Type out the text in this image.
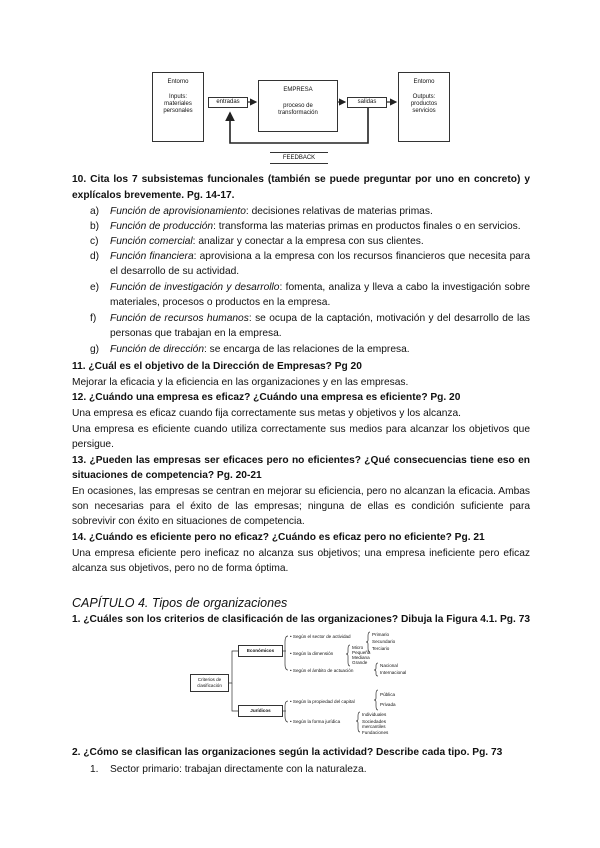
Entorno
Inputs:
materiales
personales
EMPRESA
proceso de
transformación
Entorno
Outputs:
productos
servicios
entradas	salidas
FEEDBACK
10. Cita los 7 subsistemas funcionales (también se puede preguntar por uno en concreto) y explícalos brevemente. Pg. 14-17.
a)	Función de aprovisionamiento: decisiones relativas de materias primas.
b)	Función de producción: transforma las materias primas en productos finales o en servicios.
c)	Función comercial: analizar y conectar a la empresa con sus clientes.
d)	Función financiera: aprovisiona a la empresa con los recursos financieros que necesita para el desarrollo de su actividad.
e)	Función de investigación y desarrollo: fomenta, analiza y lleva a cabo la investigación sobre materiales, procesos o productos en la empresa.
f)	Función de recursos humanos: se ocupa de la captación, motivación y del desarrollo de las personas que trabajan en la empresa.
g)	Función de dirección: se encarga de las relaciones de la empresa.
11. ¿Cuál es el objetivo de la Dirección de Empresas? Pg 20
Mejorar la eficacia y la eficiencia en las organizaciones y en las empresas.
12. ¿Cuándo una empresa es eficaz? ¿Cuándo una empresa es eficiente? Pg. 20
Una empresa es eficaz cuando fija correctamente sus metas y objetivos y los alcanza.
Una empresa es eficiente cuando utiliza correctamente sus medios para alcanzar los objetivos que persigue.
13. ¿Pueden las empresas ser eficaces pero no eficientes? ¿Qué consecuencias tiene eso en situaciones de competencia? Pg. 20-21
En ocasiones, las empresas se centran en mejorar su eficiencia, pero no alcanzan la eficacia. Ambas son necesarias para el éxito de las empresas; ninguna de ellas es condición suficiente para sobrevivir con éxito en situaciones de competencia.
14. ¿Cuándo es eficiente pero no eficaz? ¿Cuándo es eficaz pero no eficiente? Pg. 21
Una empresa eficiente pero ineficaz no alcanza sus objetivos; una empresa ineficiente pero eficaz alcanza sus objetivos, pero no de forma óptima.
CAPÍTULO 4. Tipos de organizaciones
1. ¿Cuáles son los criterios de clasificación de las organizaciones? Dibuja la Figura 4.1. Pg. 73
Criterios de clasificación
Económicos
Jurídicos
• Según el sector de actividad
• Según la dimensión
• Según el ámbito de actuación
Primario
Secundario
Terciario
Micro
Pequeña
Mediana
Grande
Nacional
Internacional
• Según la propiedad del capital
• Según la forma jurídica
Pública
Privada
Individuales
Sociedades mercantiles
Fundaciones
2. ¿Cómo se clasifican las organizaciones según la actividad? Describe cada tipo. Pg. 73
1.	Sector primario: trabajan directamente con la naturaleza.
